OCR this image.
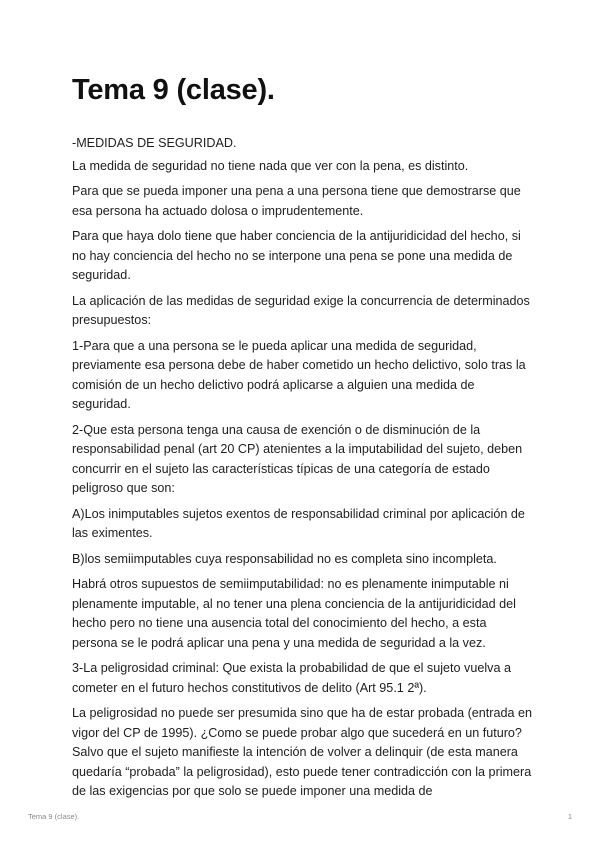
Tema 9 (clase).

-MEDIDAS DE SEGURIDAD.

La medida de seguridad no tiene nada que ver con la pena, es distinto.

Para que se pueda imponer una pena a una persona tiene que demostrarse que esa persona ha actuado dolosa o imprudentemente.

Para que haya dolo tiene que haber conciencia de la antijuridicidad del hecho, si no hay conciencia del hecho no se interpone una pena se pone una medida de seguridad.

La aplicación de las medidas de seguridad exige la concurrencia de determinados presupuestos:

1-Para que a una persona se le pueda aplicar una medida de seguridad, previamente esa persona debe de haber cometido un hecho delictivo, solo tras la comisión de un hecho delictivo podrá aplicarse a alguien una medida de seguridad.

2-Que esta persona tenga una causa de exención o de disminución de la responsabilidad penal (art 20 CP) atenientes a la imputabilidad del sujeto, deben concurrir en el sujeto las características típicas de una categoría de estado peligroso que son:

A)Los inimputables sujetos exentos de responsabilidad criminal por aplicación de las eximentes.

B)los semiimputables cuya responsabilidad no es completa sino incompleta.

Habrá otros supuestos de semiimputabilidad: no es plenamente inimputable ni plenamente imputable, al no tener una plena conciencia de la antijuridicidad del hecho pero no tiene una ausencia total del conocimiento del hecho, a esta persona se le podrá aplicar una pena y una medida de seguridad a la vez.

3-La peligrosidad criminal: Que exista la probabilidad de que el sujeto vuelva a cometer en el futuro hechos constitutivos de delito (Art 95.1 2ª).

La peligrosidad no puede ser presumida sino que ha de estar probada (entrada en vigor del CP de 1995). ¿Como se puede probar algo que sucederá en un futuro? Salvo que el sujeto manifieste la intención de volver a delinquir (de esta manera quedaría “probada” la peligrosidad), esto puede tener contradicción con la primera de las exigencias por que solo se puede imponer una medida de

Tema 9 (clase).	1
